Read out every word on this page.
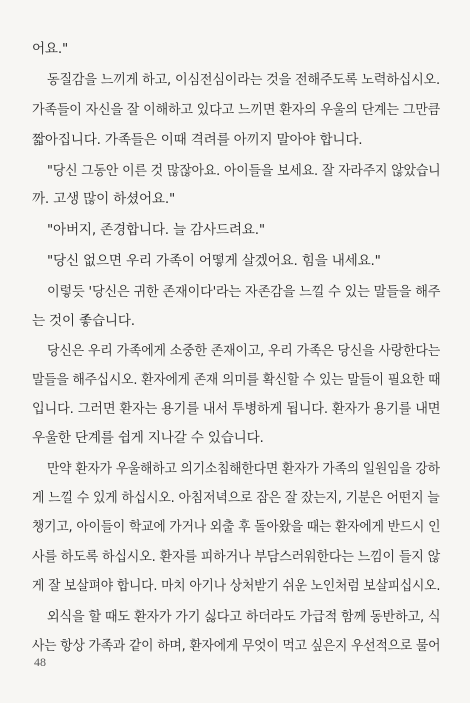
어요."
동질감을 느끼게 하고, 이심전심이라는 것을 전해주도록 노력하십시오.
가족들이 자신을 잘 이해하고 있다고 느끼면 환자의 우울의 단계는 그만큼
짧아집니다. 가족들은 이때 격려를 아끼지 말아야 합니다.
"당신 그동안 이른 것 많잖아요. 아이들을 보세요. 잘 자라주지 않았습니
까. 고생 많이 하셨어요."
"아버지, 존경합니다. 늘 감사드려요."
"당신 없으면 우리 가족이 어떻게 살겠어요. 힘을 내세요."
이렇듯 '당신은 귀한 존재이다'라는 자존감을 느낄 수 있는 말들을 해주
는 것이 좋습니다.
당신은 우리 가족에게 소중한 존재이고, 우리 가족은 당신을 사랑한다는
말들을 해주십시오. 환자에게 존재 의미를 확신할 수 있는 말들이 필요한 때
입니다. 그러면 환자는 용기를 내서 투병하게 됩니다. 환자가 용기를 내면
우울한 단계를 쉽게 지나갈 수 있습니다.
만약 환자가 우울해하고 의기소침해한다면 환자가 가족의 일원임을 강하
게 느낄 수 있게 하십시오. 아침저녁으로 잠은 잘 잤는지, 기분은 어떤지 늘
챙기고, 아이들이 학교에 가거나 외출 후 돌아왔을 때는 환자에게 반드시 인
사를 하도록 하십시오. 환자를 피하거나 부담스러워한다는 느낌이 들지 않
게 잘 보살펴야 합니다. 마치 아기나 상처받기 쉬운 노인처럼 보살피십시오.
외식을 할 때도 환자가 가기 싫다고 하더라도 가급적 함께 동반하고, 식
사는 항상 가족과 같이 하며, 환자에게 무엇이 먹고 싶은지 우선적으로 물어
48
